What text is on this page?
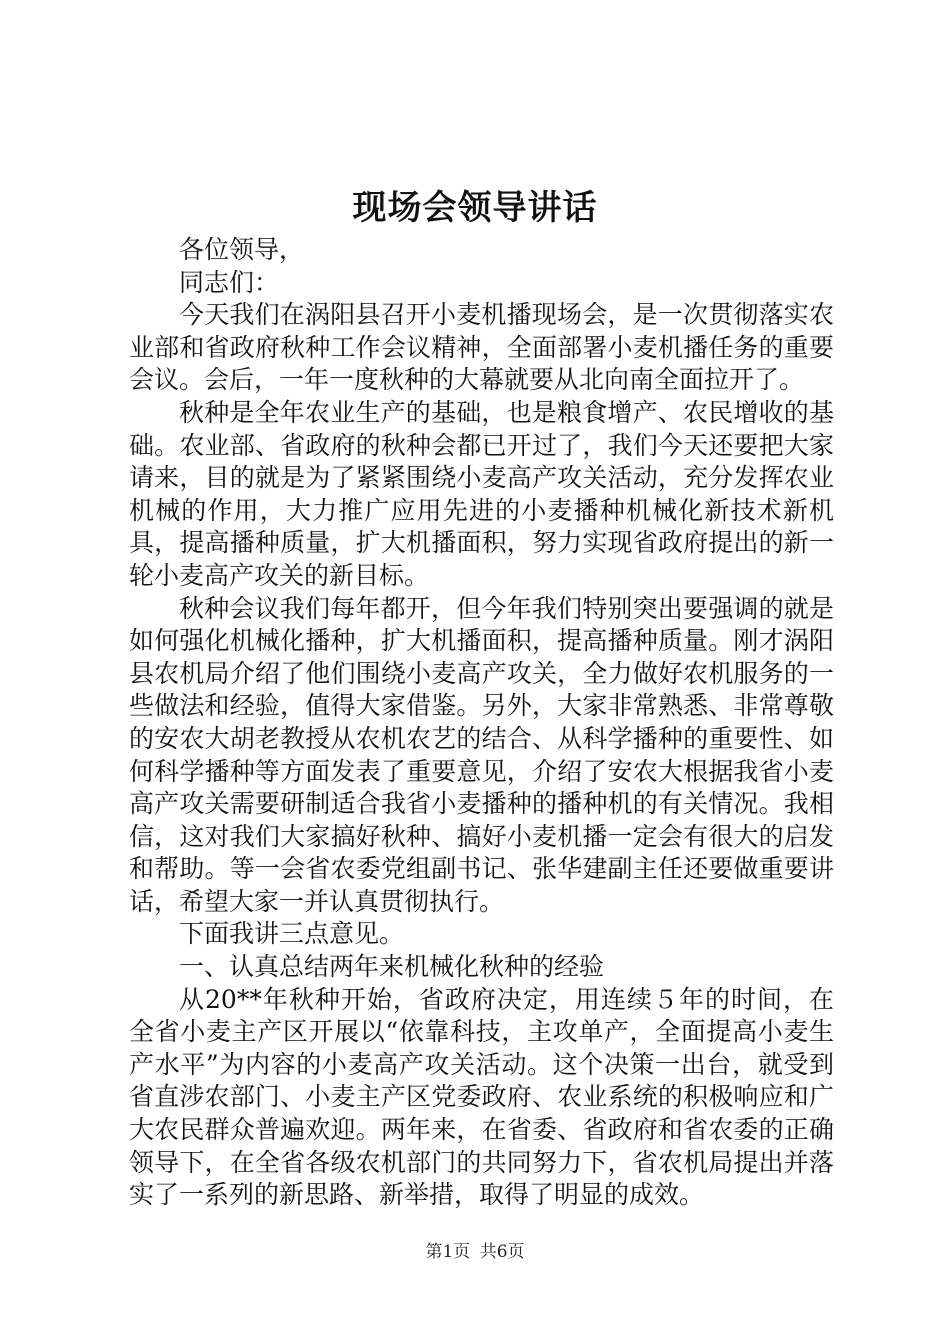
现场会领导讲话

各位领导，

同志们：

今天我们在涡阳县召开小麦机播现场会，是一次贯彻落实农业部和省政府秋种工作会议精神，全面部署小麦机播任务的重要会议。会后，一年一度秋种的大幕就要从北向南全面拉开了。

秋种是全年农业生产的基础，也是粮食增产、农民增收的基础。农业部、省政府的秋种会都已开过了，我们今天还要把大家请来，目的就是为了紧紧围绕小麦高产攻关活动，充分发挥农业机械的作用，大力推广应用先进的小麦播种机械化新技术新机具，提高播种质量，扩大机播面积，努力实现省政府提出的新一轮小麦高产攻关的新目标。

秋种会议我们每年都开，但今年我们特别突出要强调的就是如何强化机械化播种，扩大机播面积，提高播种质量。刚才涡阳县农机局介绍了他们围绕小麦高产攻关，全力做好农机服务的一些做法和经验，值得大家借鉴。另外，大家非常熟悉、非常尊敬的安农大胡老教授从农机农艺的结合、从科学播种的重要性、如何科学播种等方面发表了重要意见，介绍了安农大根据我省小麦高产攻关需要研制适合我省小麦播种的播种机的有关情况。我相信，这对我们大家搞好秋种、搞好小麦机播一定会有很大的启发和帮助。等一会省农委党组副书记、张华建副主任还要做重要讲话，希望大家一并认真贯彻执行。

下面我讲三点意见。

一、认真总结两年来机械化秋种的经验

从20**年秋种开始，省政府决定，用连续５年的时间，在全省小麦主产区开展以“依靠科技，主攻单产，全面提高小麦生产水平”为内容的小麦高产攻关活动。这个决策一出台，就受到省直涉农部门、小麦主产区党委政府、农业系统的积极响应和广大农民群众普遍欢迎。两年来，在省委、省政府和省农委的正确领导下，在全省各级农机部门的共同努力下，省农机局提出并落实了一系列的新思路、新举措，取得了明显的成效。

第1页 共6页
